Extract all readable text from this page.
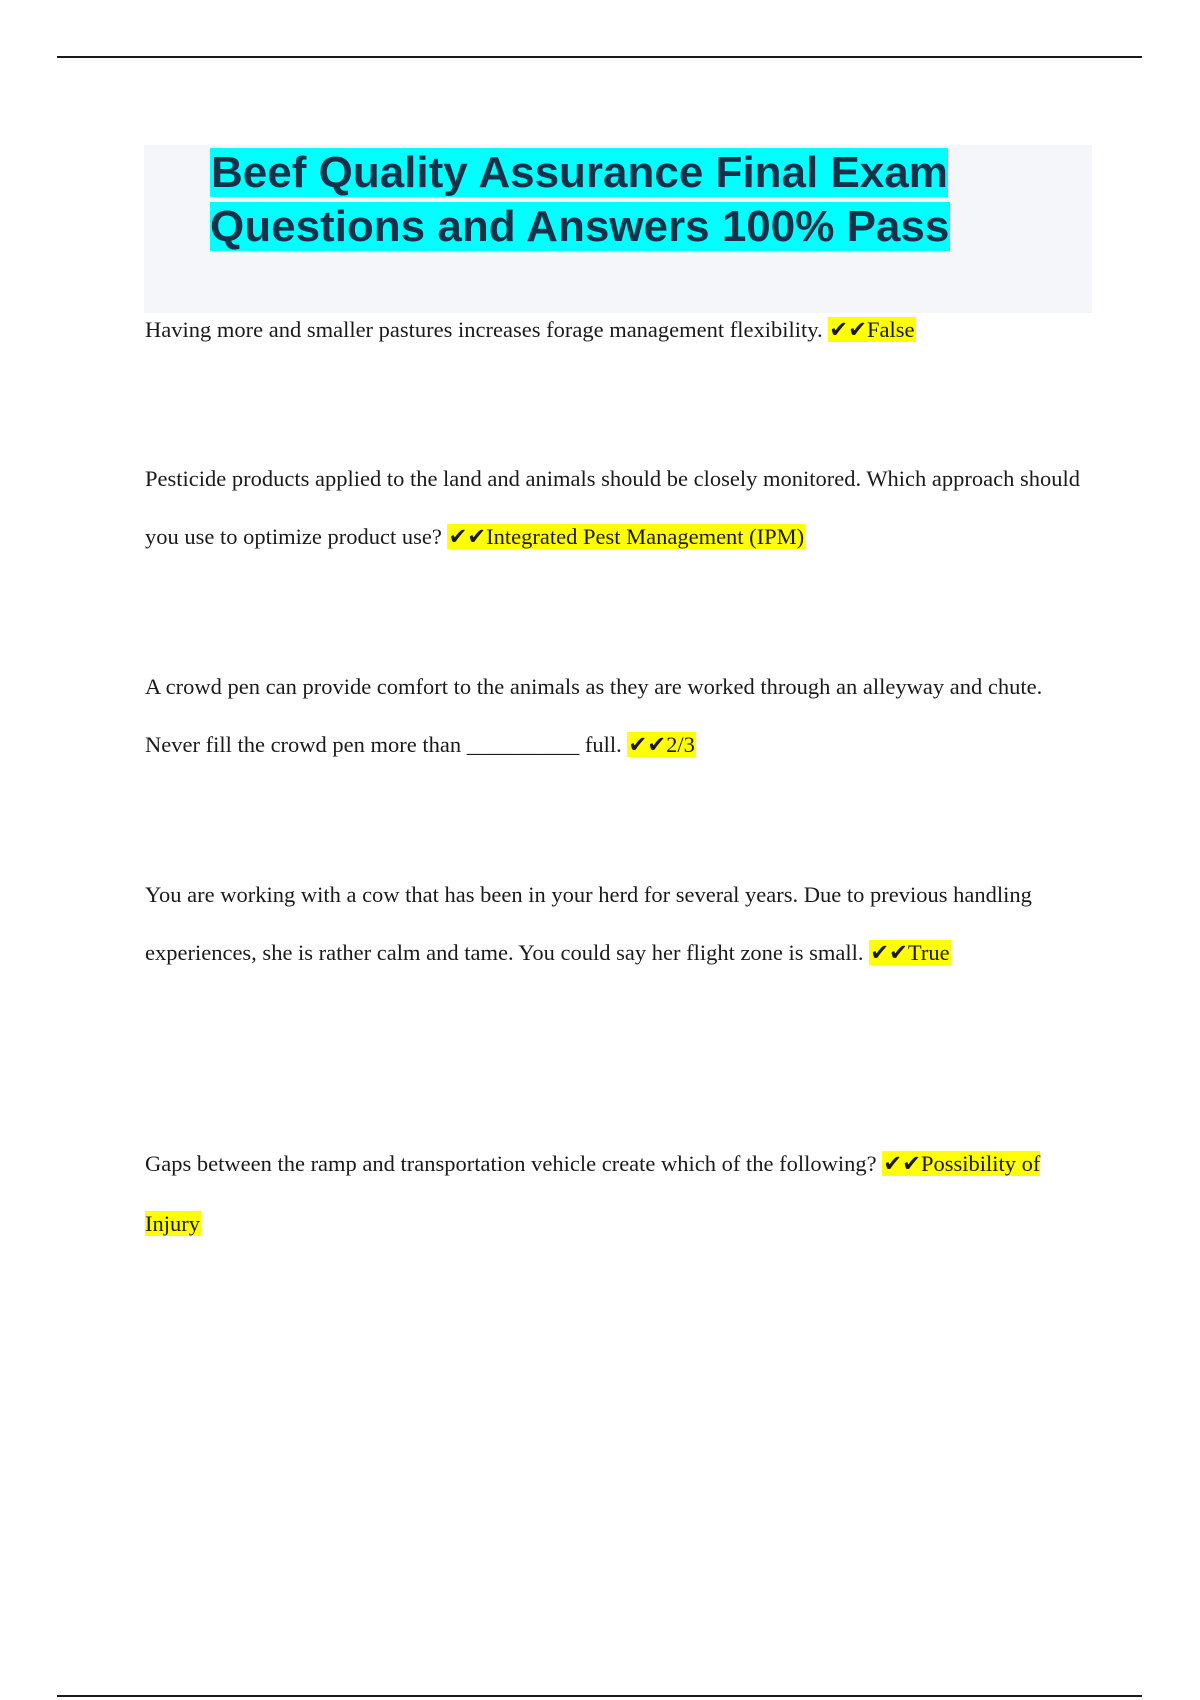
Beef Quality Assurance Final Exam Questions and Answers 100% Pass

Having more and smaller pastures increases forage management flexibility. ✔✔False

Pesticide products applied to the land and animals should be closely monitored. Which approach should you use to optimize product use? ✔✔Integrated Pest Management (IPM)

A crowd pen can provide comfort to the animals as they are worked through an alleyway and chute. Never fill the crowd pen more than __________ full. ✔✔2/3

You are working with a cow that has been in your herd for several years. Due to previous handling experiences, she is rather calm and tame. You could say her flight zone is small. ✔✔True

Gaps between the ramp and transportation vehicle create which of the following? ✔✔Possibility of Injury
